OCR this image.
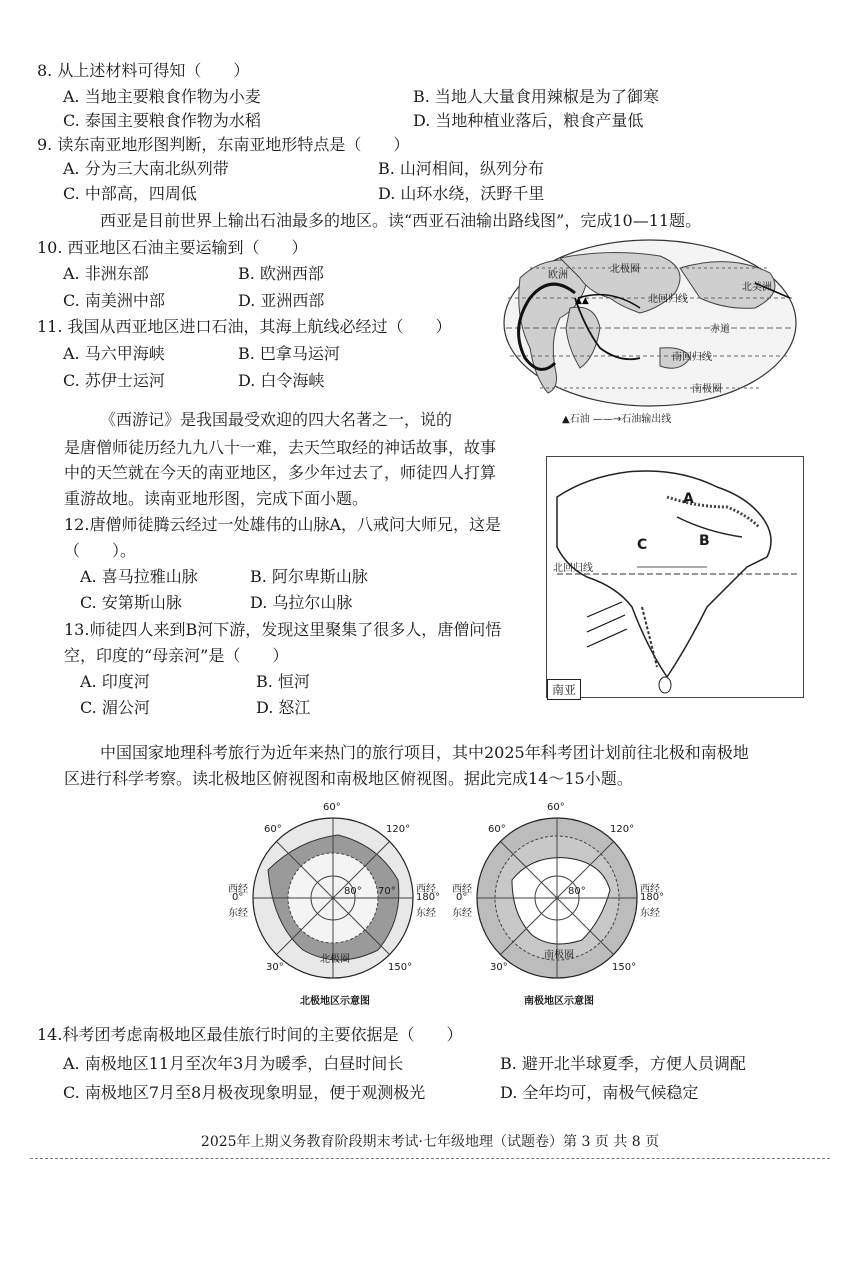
8. 从上述材料可得知（　　）
A. 当地主要粮食作物为小麦	B. 当地人大量食用辣椒是为了御寒
C. 泰国主要粮食作物为水稻	D. 当地种植业落后，粮食产量低
9. 读东南亚地形图判断，东南亚地形特点是（　　）
A. 分为三大南北纵列带	B. 山河相间，纵列分布
C. 中部高，四周低	D. 山环水绕，沃野千里
西亚是目前世界上输出石油最多的地区。读“西亚石油输出路线图”，完成10—11题。
10. 西亚地区石油主要运输到（　　）
A. 非洲东部	B. 欧洲西部
C. 南美洲中部	D. 亚洲西部
11. 我国从西亚地区进口石油，其海上航线必经过（　　）
A. 马六甲海峡	B. 巴拿马运河
C. 苏伊士运河	D. 白令海峡
▲▲
欧洲
北极圈
北回归线
北美洲
赤道
南回归线
南极圈
▲石油 ——→石油输出线
《西游记》是我国最受欢迎的四大名著之一，说的
是唐僧师徒历经九九八十一难，去天竺取经的神话故事，故事
中的天竺就在今天的南亚地区，多少年过去了，师徒四人打算
重游故地。读南亚地形图，完成下面小题。
12.唐僧师徒腾云经过一处雄伟的山脉A，八戒问大师兄，这是
（　　）。
A. 喜马拉雅山脉	B. 阿尔卑斯山脉
C. 安第斯山脉	D. 乌拉尔山脉
13.师徒四人来到B河下游，发现这里聚集了很多人，唐僧问悟
空，印度的“母亲河”是（　　）
A. 印度河	B. 恒河
C. 湄公河	D. 怒江
A
B
C
北回归线
南亚
中国国家地理科考旅行为近年来热门的旅行项目，其中2025年科考团计划前往北极和南极地
区进行科学考察。读北极地区俯视图和南极地区俯视图。据此完成14～15小题。
60°
60°	120°
西经
0°
东经
西经
180°
东经
80° 70°
150°
30°
北极圈
北极地区示意图
60°
60°	120°
西经
0°
东经
西经
180°
东经
80°
150°
30°
南极圈
南极地区示意图
14.科考团考虑南极地区最佳旅行时间的主要依据是（　　）
A. 南极地区11月至次年3月为暖季，白昼时间长	B. 避开北半球夏季，方便人员调配
C. 南极地区7月至8月极夜现象明显，便于观测极光	D. 全年均可，南极气候稳定
2025年上期义务教育阶段期末考试·七年级地理（试题卷）第 3 页 共 8 页
